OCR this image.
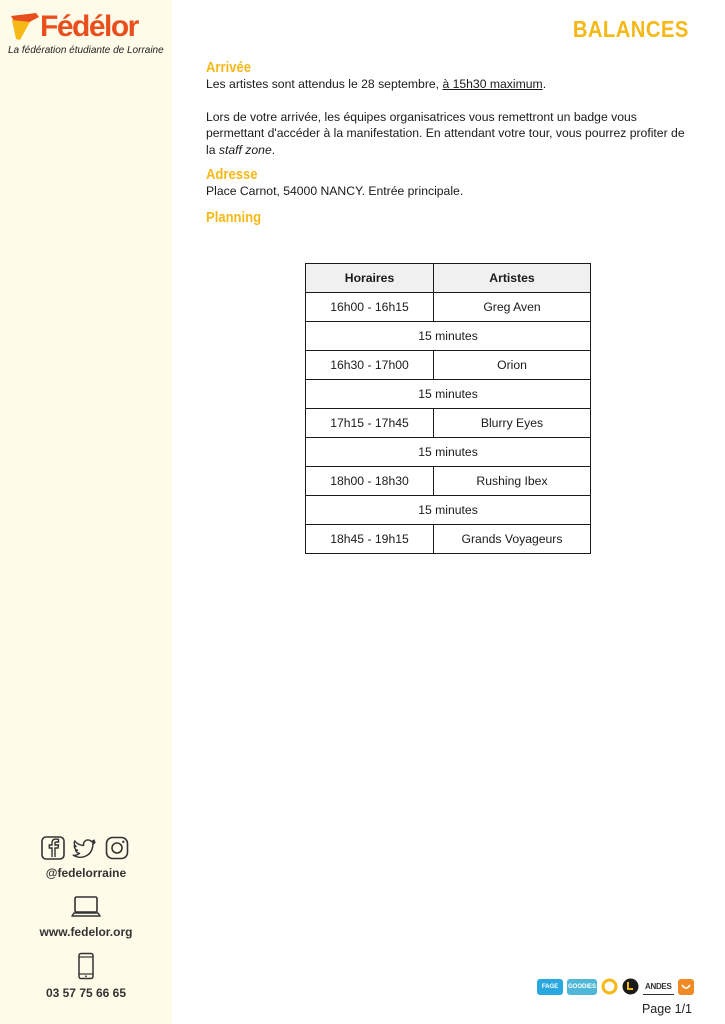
Fédélor
La fédération étudiante de Lorraine
@fedelorraine
www.fedelor.org
03 57 75 66 65
BALANCES
Arrivée

Les artistes sont attendus le 28 septembre, à 15h30 maximum.

Lors de votre arrivée, les équipes organisatrices vous remettront un badge vous permettant d'accéder à la manifestation. En attendant votre tour, vous pourrez profiter de la staff zone.

Adresse

Place Carnot, 54000 NANCY. Entrée principale.

Planning
Horaires	Artistes
16h00 - 16h15	Greg Aven
15 minutes	
16h30 - 17h00	Orion
15 minutes	
17h15 - 17h45	Blurry Eyes
15 minutes	
18h00 - 18h30	Rushing Ibex
15 minutes	
18h45 - 19h15	Grands Voyageurs
FAGE	GOODIES	ANDES
Page 1/1
